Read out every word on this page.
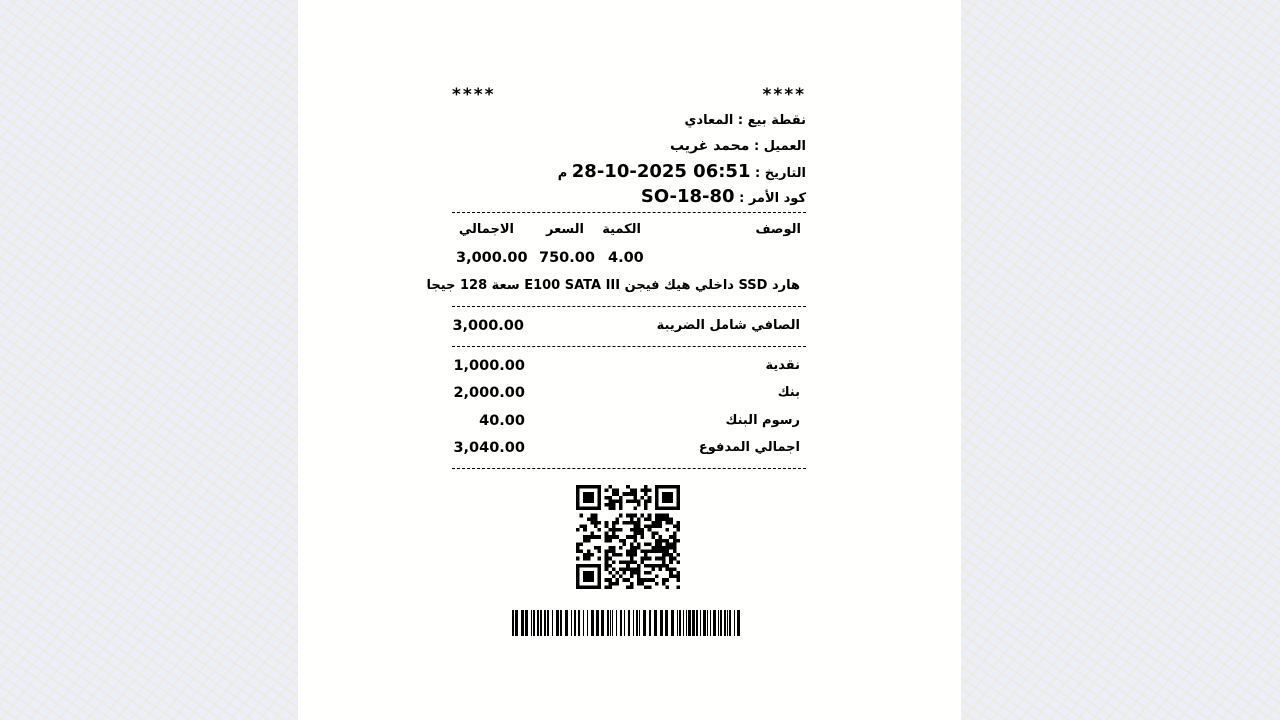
****	****
نقطة بيع : المعادي
العميل : محمد غريب
التاريخ : 28-10-2025 06:51 م
كود الأمر : SO-18-80
الوصف
الكمية
السعر
الاجمالي
4.00
750.00
3,000.00
هارد SSD داخلي هيك فيجن E100 SATA III سعة 128 جيجا
الصافي شامل الضريبة
3,000.00
نقدية
1,000.00
بنك
2,000.00
رسوم البنك
40.00
اجمالي المدفوع
3,040.00
